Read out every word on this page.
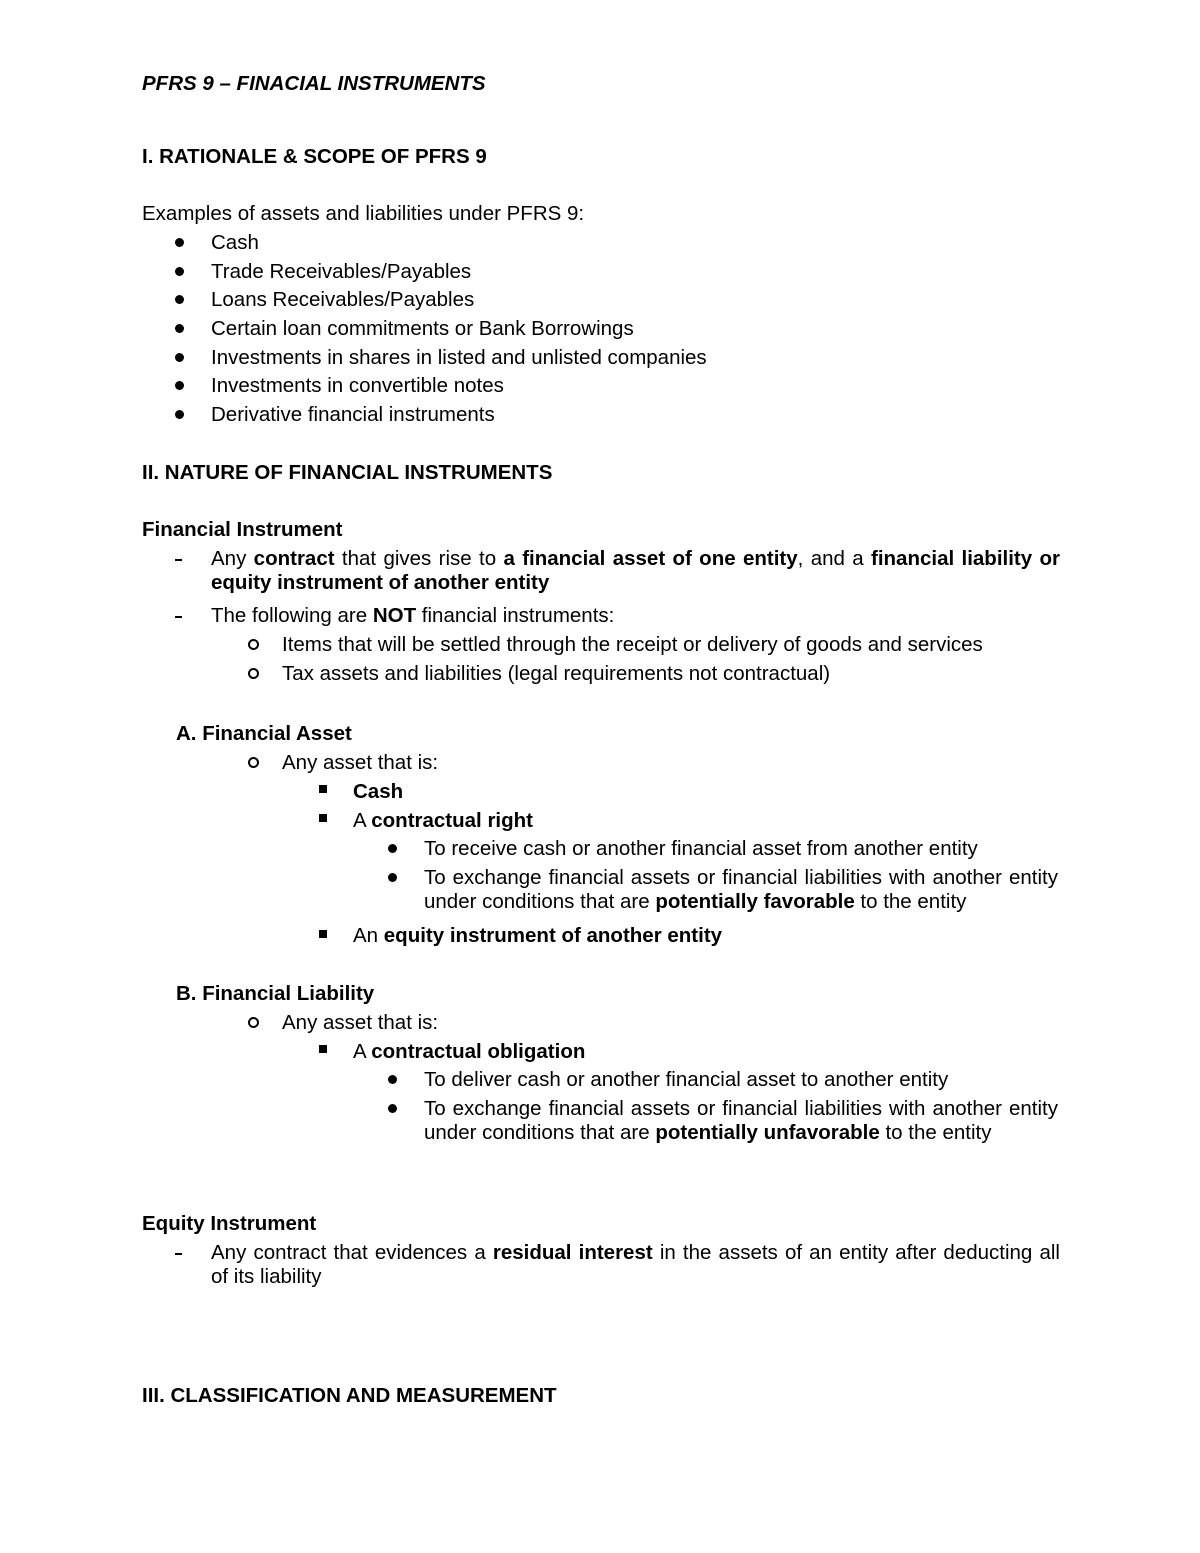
PFRS 9 – FINACIAL INSTRUMENTS
I. RATIONALE & SCOPE OF PFRS 9
Examples of assets and liabilities under PFRS 9:
Cash
Trade Receivables/Payables
Loans Receivables/Payables
Certain loan commitments or Bank Borrowings
Investments in shares in listed and unlisted companies
Investments in convertible notes
Derivative financial instruments
II. NATURE OF FINANCIAL INSTRUMENTS
Financial Instrument
Any contract that gives rise to a financial asset of one entity, and a financial liability or equity instrument of another entity
The following are NOT financial instruments:
Items that will be settled through the receipt or delivery of goods and services
Tax assets and liabilities (legal requirements not contractual)
A. Financial Asset
Any asset that is:
Cash
A contractual right
To receive cash or another financial asset from another entity
To exchange financial assets or financial liabilities with another entity under conditions that are potentially favorable to the entity
An equity instrument of another entity
B. Financial Liability
Any asset that is:
A contractual obligation
To deliver cash or another financial asset to another entity
To exchange financial assets or financial liabilities with another entity under conditions that are potentially unfavorable to the entity
Equity Instrument
Any contract that evidences a residual interest in the assets of an entity after deducting all of its liability
III. CLASSIFICATION AND MEASUREMENT
